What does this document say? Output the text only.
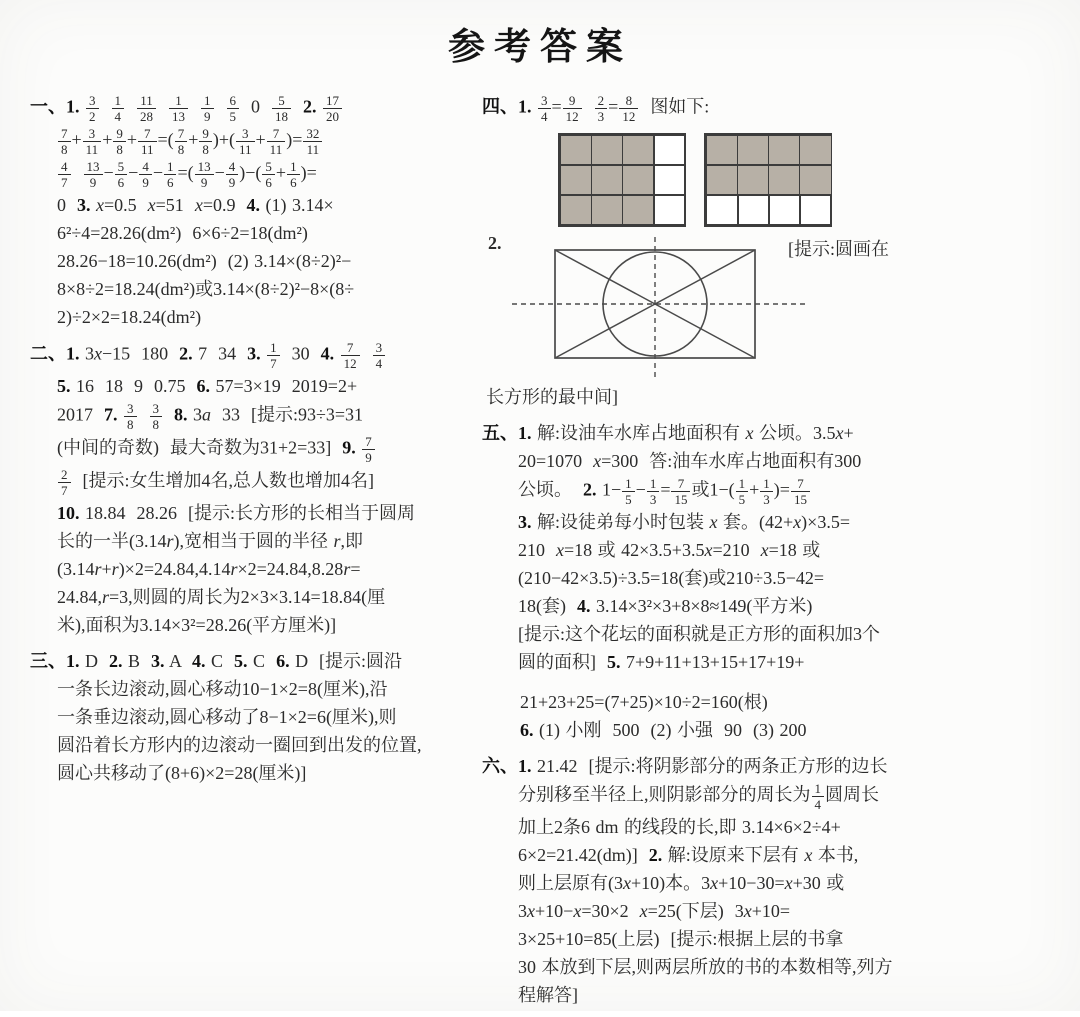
参考答案
一、1. $\frac{3}{2}$
$\frac{1}{4}$
$\frac{11}{28}$
$\frac{1}{13}$
$\frac{1}{9}$
$\frac{6}{5} 0 \frac{5}{18} 2$. $\frac{17}{20}$
$\frac{7}{8} + \frac{3}{11} + \frac{9}{8} + \frac{7}{11}$ =( $\frac{7}{8} + \frac{9}{8}$ )+( $\frac{3}{11} + \frac{7}{11}$ )= $\frac{32}{11}$
$\frac{4}{7}$
$\frac{13}{9} - \frac{5}{6} - \frac{4}{9} - \frac{1}{6}$ =( $\frac{13}{9} - \frac{4}{9}$ )−( $\frac{5}{6} + \frac{1}{6}$ )=
0  3. x=0.5  x=51  x=0.9  4. (1) 3.14×
6²÷4=28.26(dm²)  6×6÷2=18(dm²)
28.26−18=10.26(dm²)  (2) 3.14×(8÷2)²−
8×8÷2=18.24(dm²)或3.14×(8÷2)²−8×(8÷
2)÷2×2=18.24(dm²)
二、1. 3x−15  180  2. 7  34  3. $\frac{1}{7} 30$  4. $\frac{7}{12}$
$\frac{3}{4}$
5. 16  18  9  0.75  6. 57=3×19  2019=2+
2017  7. $\frac{3}{8}$
$\frac{3}{8} 8$. 3a  33  [提示:93÷3=31
(中间的奇数)  最大奇数为31+2=33]  9. $\frac{7}{9}$
$\frac{2}{7}$ [提示:女生增加4名,总人数也增加4名]
10. 18.84  28.26  [提示:长方形的长相当于圆周
长的一半(3.14r),宽相当于圆的半径 r,即
(3.14r+r)×2=24.84,4.14r×2=24.84,8.28r=
24.84,r=3,则圆的周长为2×3×3.14=18.84(厘
米),面积为3.14×3²=28.26(平方厘米)]
三、1. D  2. B  3. A  4. C  5. C  6. D  [提示:圆沿
一条长边滚动,圆心移动10−1×2=8(厘米),沿
一条垂边滚动,圆心移动了8−1×2=6(厘米),则
圆沿着长方形内的边滚动一圈回到出发的位置,
圆心共移动了(8+6)×2=28(厘米)]
四、1. $\frac{3}{4} = \frac{9}{12}$
$\frac{2}{3} = \frac{8}{12}$ 图如下:
2.	[提示:圆画在
长方形的最中间]
五、1. 解:设油车水库占地面积有 x 公顷。3.5x+
20=1070  x=300  答:油车水库占地面积有300
公顷。  2. $1- \frac{1}{5} - \frac{1}{3} = \frac{7}{15}$ 或$1-( \frac{1}{5} + \frac{1}{3}$ )= $\frac{7}{15}$
3. 解:设徒弟每小时包装 x 套。(42+x)×3.5=
210  x=18 或 42×3.5+3.5x=210  x=18 或
(210−42×3.5)÷3.5=18(套)或210÷3.5−42=
18(套)  4. 3.14×3²×3+8×8≈149(平方米)
[提示:这个花坛的面积就是正方形的面积加3个
圆的面积]  5. 7+9+11+13+15+17+19+
21+23+25=(7+25)×10÷2=160(根)
6. (1) 小刚  500  (2) 小强  90  (3) 200
六、1. 21.42  [提示:将阴影部分的两条正方形的边长
分别移至半径上,则阴影部分的周长为 $\frac{1}{4}$ 圆周长
加上2条6 dm 的线段的长,即 3.14×6×2÷4+
6×2=21.42(dm)]  2. 解:设原来下层有 x 本书,
则上层原有(3x+10)本。3x+10−30=x+30 或
3x+10−x=30×2  x=25(下层)  3x+10=
3×25+10=85(上层)  [提示:根据上层的书拿
30 本放到下层,则两层所放的书的本数相等,列方
程解答]
